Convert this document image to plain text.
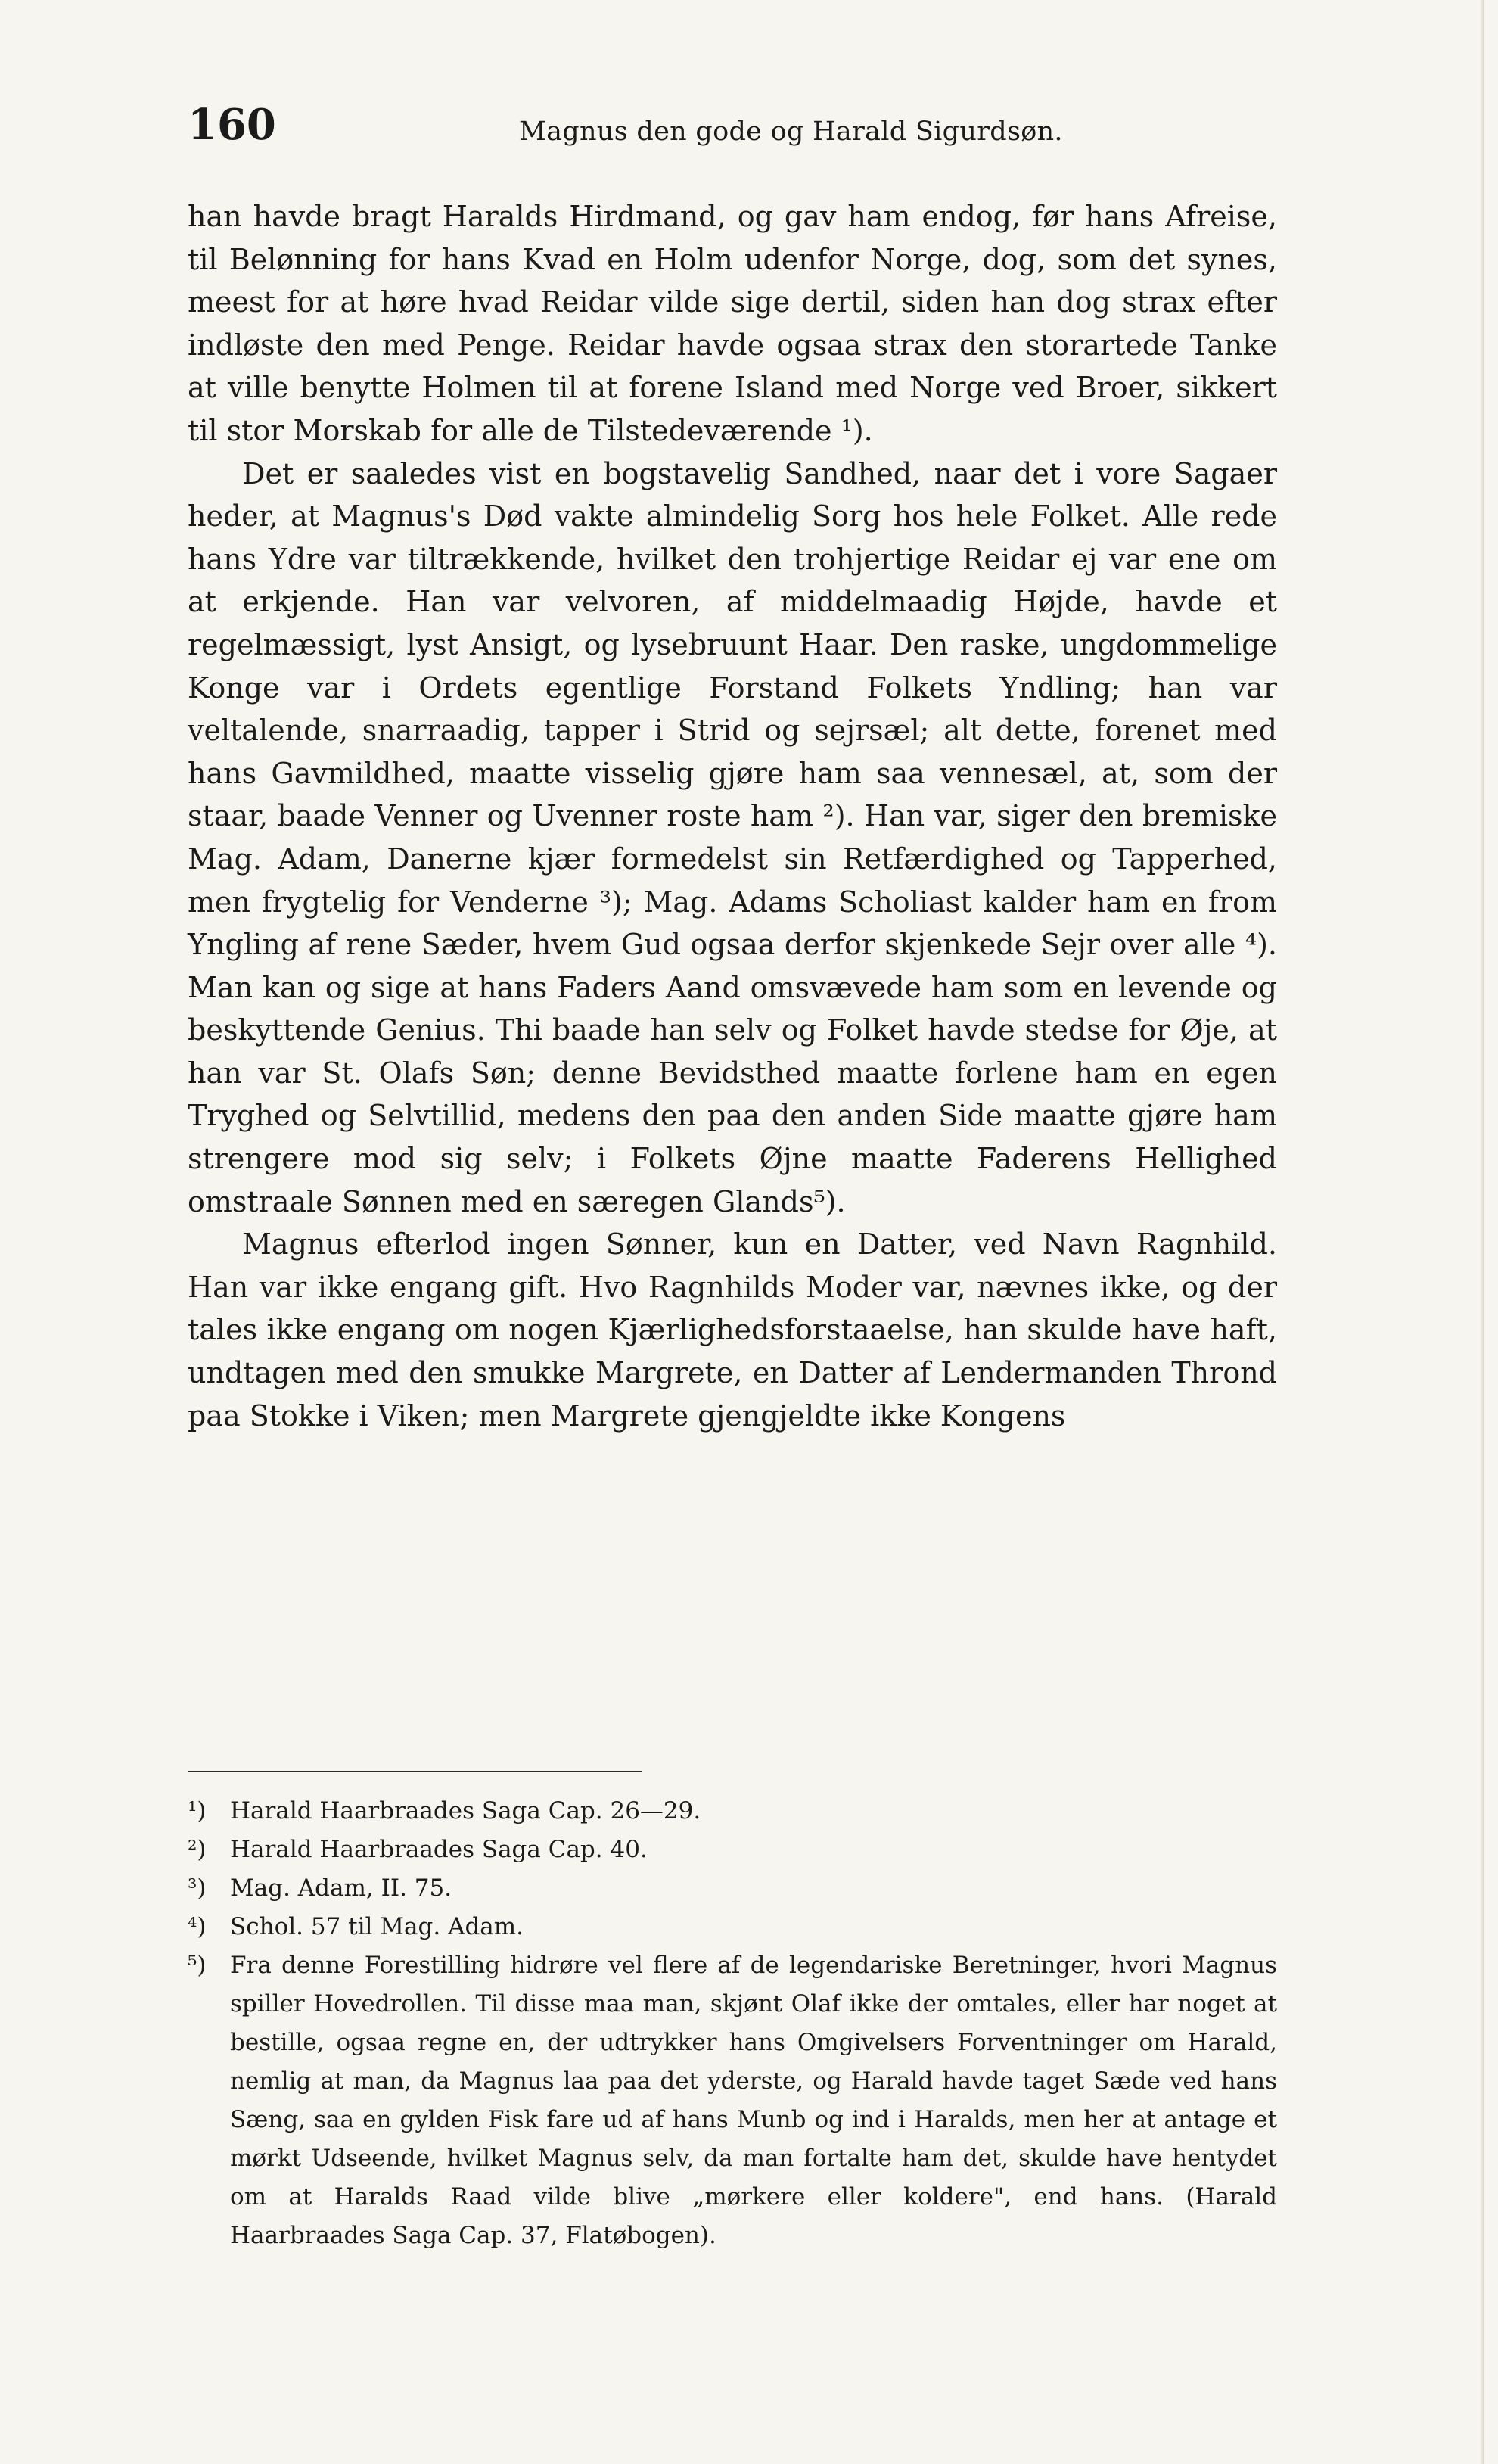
160	Magnus den gode og Harald Sigurdsøn.

han havde bragt Haralds Hirdmand, og gav ham endog, før hans Afreise, til Belønning for hans Kvad en Holm udenfor Norge, dog, som det synes, meest for at høre hvad Reidar vilde sige dertil, siden han dog strax efter indløste den med Penge. Reidar havde ogsaa strax den storartede Tanke at ville benytte Holmen til at forene Island med Norge ved Broer, sikkert til stor Morskab for alle de Tilstedeværende ¹).

Det er saaledes vist en bogstavelig Sandhed, naar det i vore Sagaer heder, at Magnus's Død vakte almindelig Sorg hos hele Folket. Alle rede hans Ydre var tiltrækkende, hvilket den trohjertige Reidar ej var ene om at erkjende. Han var velvoren, af middelmaadig Højde, havde et regelmæssigt, lyst Ansigt, og lysebruunt Haar. Den raske, ungdommelige Konge var i Ordets egentlige Forstand Folkets Yndling; han var veltalende, snarraadig, tapper i Strid og sejrsæl; alt dette, forenet med hans Gavmildhed, maatte visselig gjøre ham saa vennesæl, at, som der staar, baade Venner og Uvenner roste ham ²). Han var, siger den bremiske Mag. Adam, Danerne kjær formedelst sin Retfærdighed og Tapperhed, men frygtelig for Venderne ³); Mag. Adams Scholiast kalder ham en from Yngling af rene Sæder, hvem Gud ogsaa derfor skjenkede Sejr over alle ⁴). Man kan og sige at hans Faders Aand omsvævede ham som en levende og beskyttende Genius. Thi baade han selv og Folket havde stedse for Øje, at han var St. Olafs Søn; denne Bevidsthed maatte forlene ham en egen Tryghed og Selvtillid, medens den paa den anden Side maatte gjøre ham strengere mod sig selv; i Folkets Øjne maatte Faderens Hellighed omstraale Sønnen med en særegen Glands⁵).

Magnus efterlod ingen Sønner, kun en Datter, ved Navn Ragnhild. Han var ikke engang gift. Hvo Ragnhilds Moder var, nævnes ikke, og der tales ikke engang om nogen Kjærlighedsforstaaelse, han skulde have haft, undtagen med den smukke Margrete, en Datter af Lendermanden Thrond paa Stokke i Viken; men Margrete gjengjeldte ikke Kongens

¹)	Harald Haarbraades Saga Cap. 26—29.

²)	Harald Haarbraades Saga Cap. 40.

³)	Mag. Adam, II. 75.

⁴)	Schol. 57 til Mag. Adam.

⁵)	Fra denne Forestilling hidrøre vel flere af de legendariske Beretninger, hvori Magnus spiller Hovedrollen. Til disse maa man, skjønt Olaf ikke der omtales, eller har noget at bestille, ogsaa regne en, der udtrykker hans Omgivelsers Forventninger om Harald, nemlig at man, da Magnus laa paa det yderste, og Harald havde taget Sæde ved hans Sæng, saa en gylden Fisk fare ud af hans Munb og ind i Haralds, men her at antage et mørkt Udseende, hvilket Magnus selv, da man fortalte ham det, skulde have hentydet om at Haralds Raad vilde blive „mørkere eller koldere", end hans. (Harald Haarbraades Saga Cap. 37, Flatøbogen).
